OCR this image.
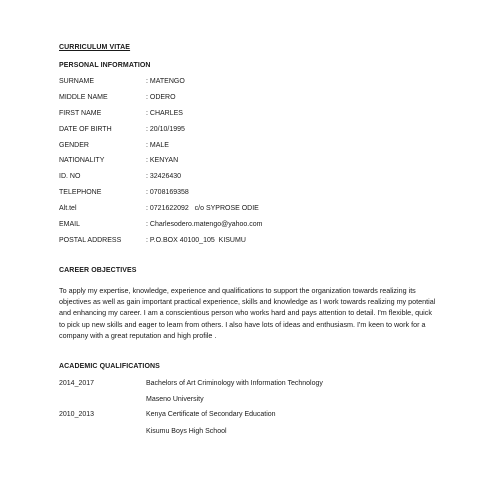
CURRICULUM VITAE
PERSONAL INFORMATION
SURNAME	: MATENGO
MIDDLE NAME	: ODERO
FIRST NAME	: CHARLES
DATE OF BIRTH	: 20/10/1995
GENDER	: MALE
NATIONALITY	: KENYAN
ID. NO	: 32426430
TELEPHONE	: 0708169358
Alt.tel	: 0721622092   c/o SYPROSE ODIE
EMAIL	: Charlesodero.matengo@yahoo.com
POSTAL ADDRESS	: P.O.BOX 40100_105  KISUMU
CAREER OBJECTIVES
To apply my expertise, knowledge, experience and qualifications to support the organization towards realizing its objectives as well as gain important practical experience, skills and knowledge as I work towards realizing my potential and enhancing my career. I am a conscientious person who works hard and pays attention to detail. I'm flexible, quick to pick up new skills and eager to learn from others. I also have lots of ideas and enthusiasm. I'm keen to work for a company with a great reputation and high profile .
ACADEMIC QUALIFICATIONS
2014_2017	Bachelors of Art Criminology with Information Technology
Maseno University
2010_2013	Kenya Certificate of Secondary Education
Kisumu Boys High School
